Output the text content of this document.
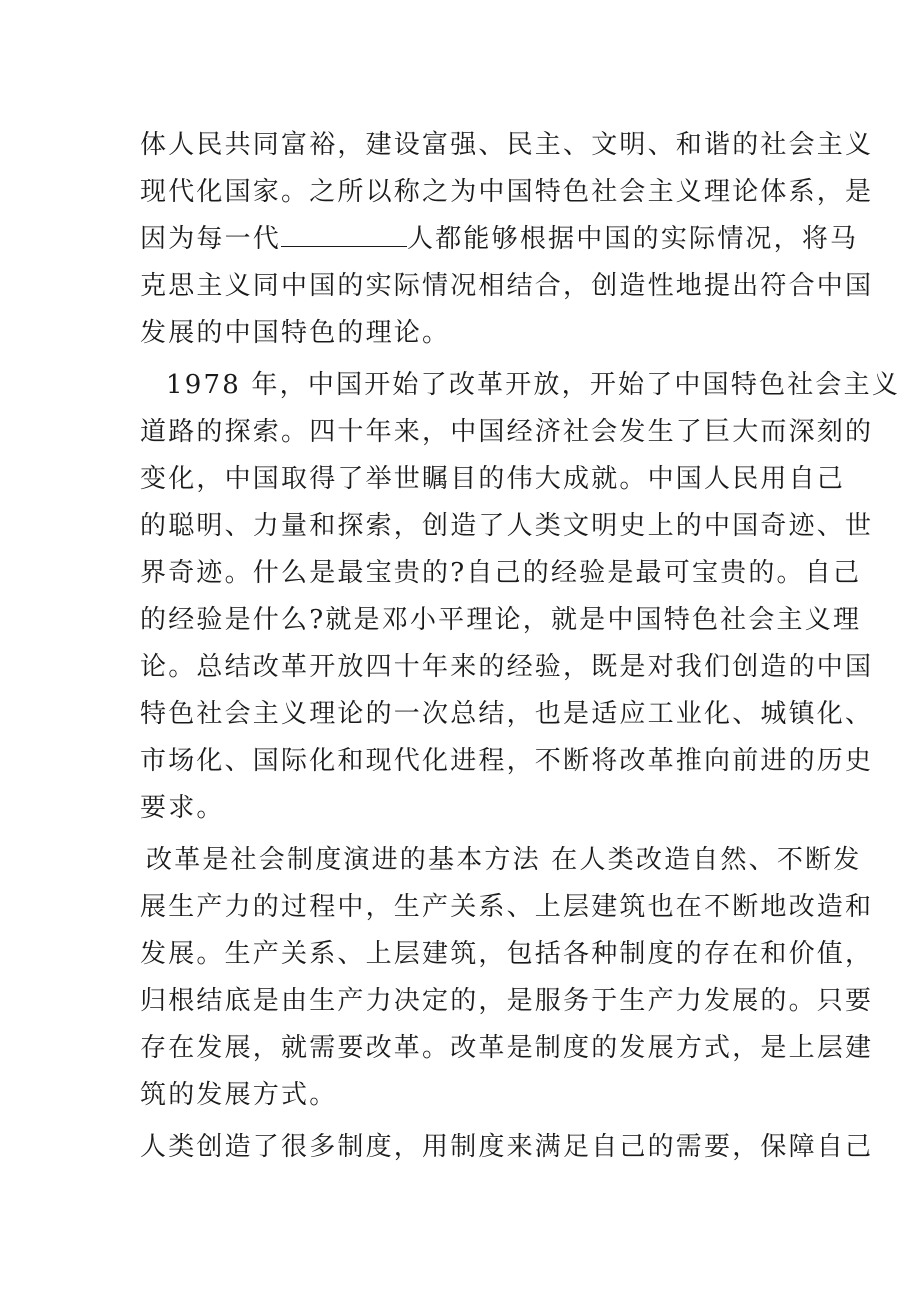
体人民共同富裕，建设富强、民主、文明、和谐的社会主义
现代化国家。之所以称之为中国特色社会主义理论体系，是
因为每一代	人都能够根据中国的实际情况，将马
克思主义同中国的实际情况相结合，创造性地提出符合中国
发展的中国特色的理论。
1978 年，中国开始了改革开放，开始了中国特色社会主义
道路的探索。四十年来，中国经济社会发生了巨大而深刻的
变化，中国取得了举世瞩目的伟大成就。中国人民用自己
的聪明、力量和探索，创造了人类文明史上的中国奇迹、世
界奇迹。什么是最宝贵的?自己的经验是最可宝贵的。自己
的经验是什么?就是邓小平理论，就是中国特色社会主义理
论。总结改革开放四十年来的经验，既是对我们创造的中国
特色社会主义理论的一次总结，也是适应工业化、城镇化、
市场化、国际化和现代化进程，不断将改革推向前进的历史
要求。
改革是社会制度演进的基本方法 在人类改造自然、不断发
展生产力的过程中，生产关系、上层建筑也在不断地改造和
发展。生产关系、上层建筑，包括各种制度的存在和价值，
归根结底是由生产力决定的，是服务于生产力发展的。只要
存在发展，就需要改革。改革是制度的发展方式，是上层建
筑的发展方式。
人类创造了很多制度，用制度来满足自己的需要，保障自己
